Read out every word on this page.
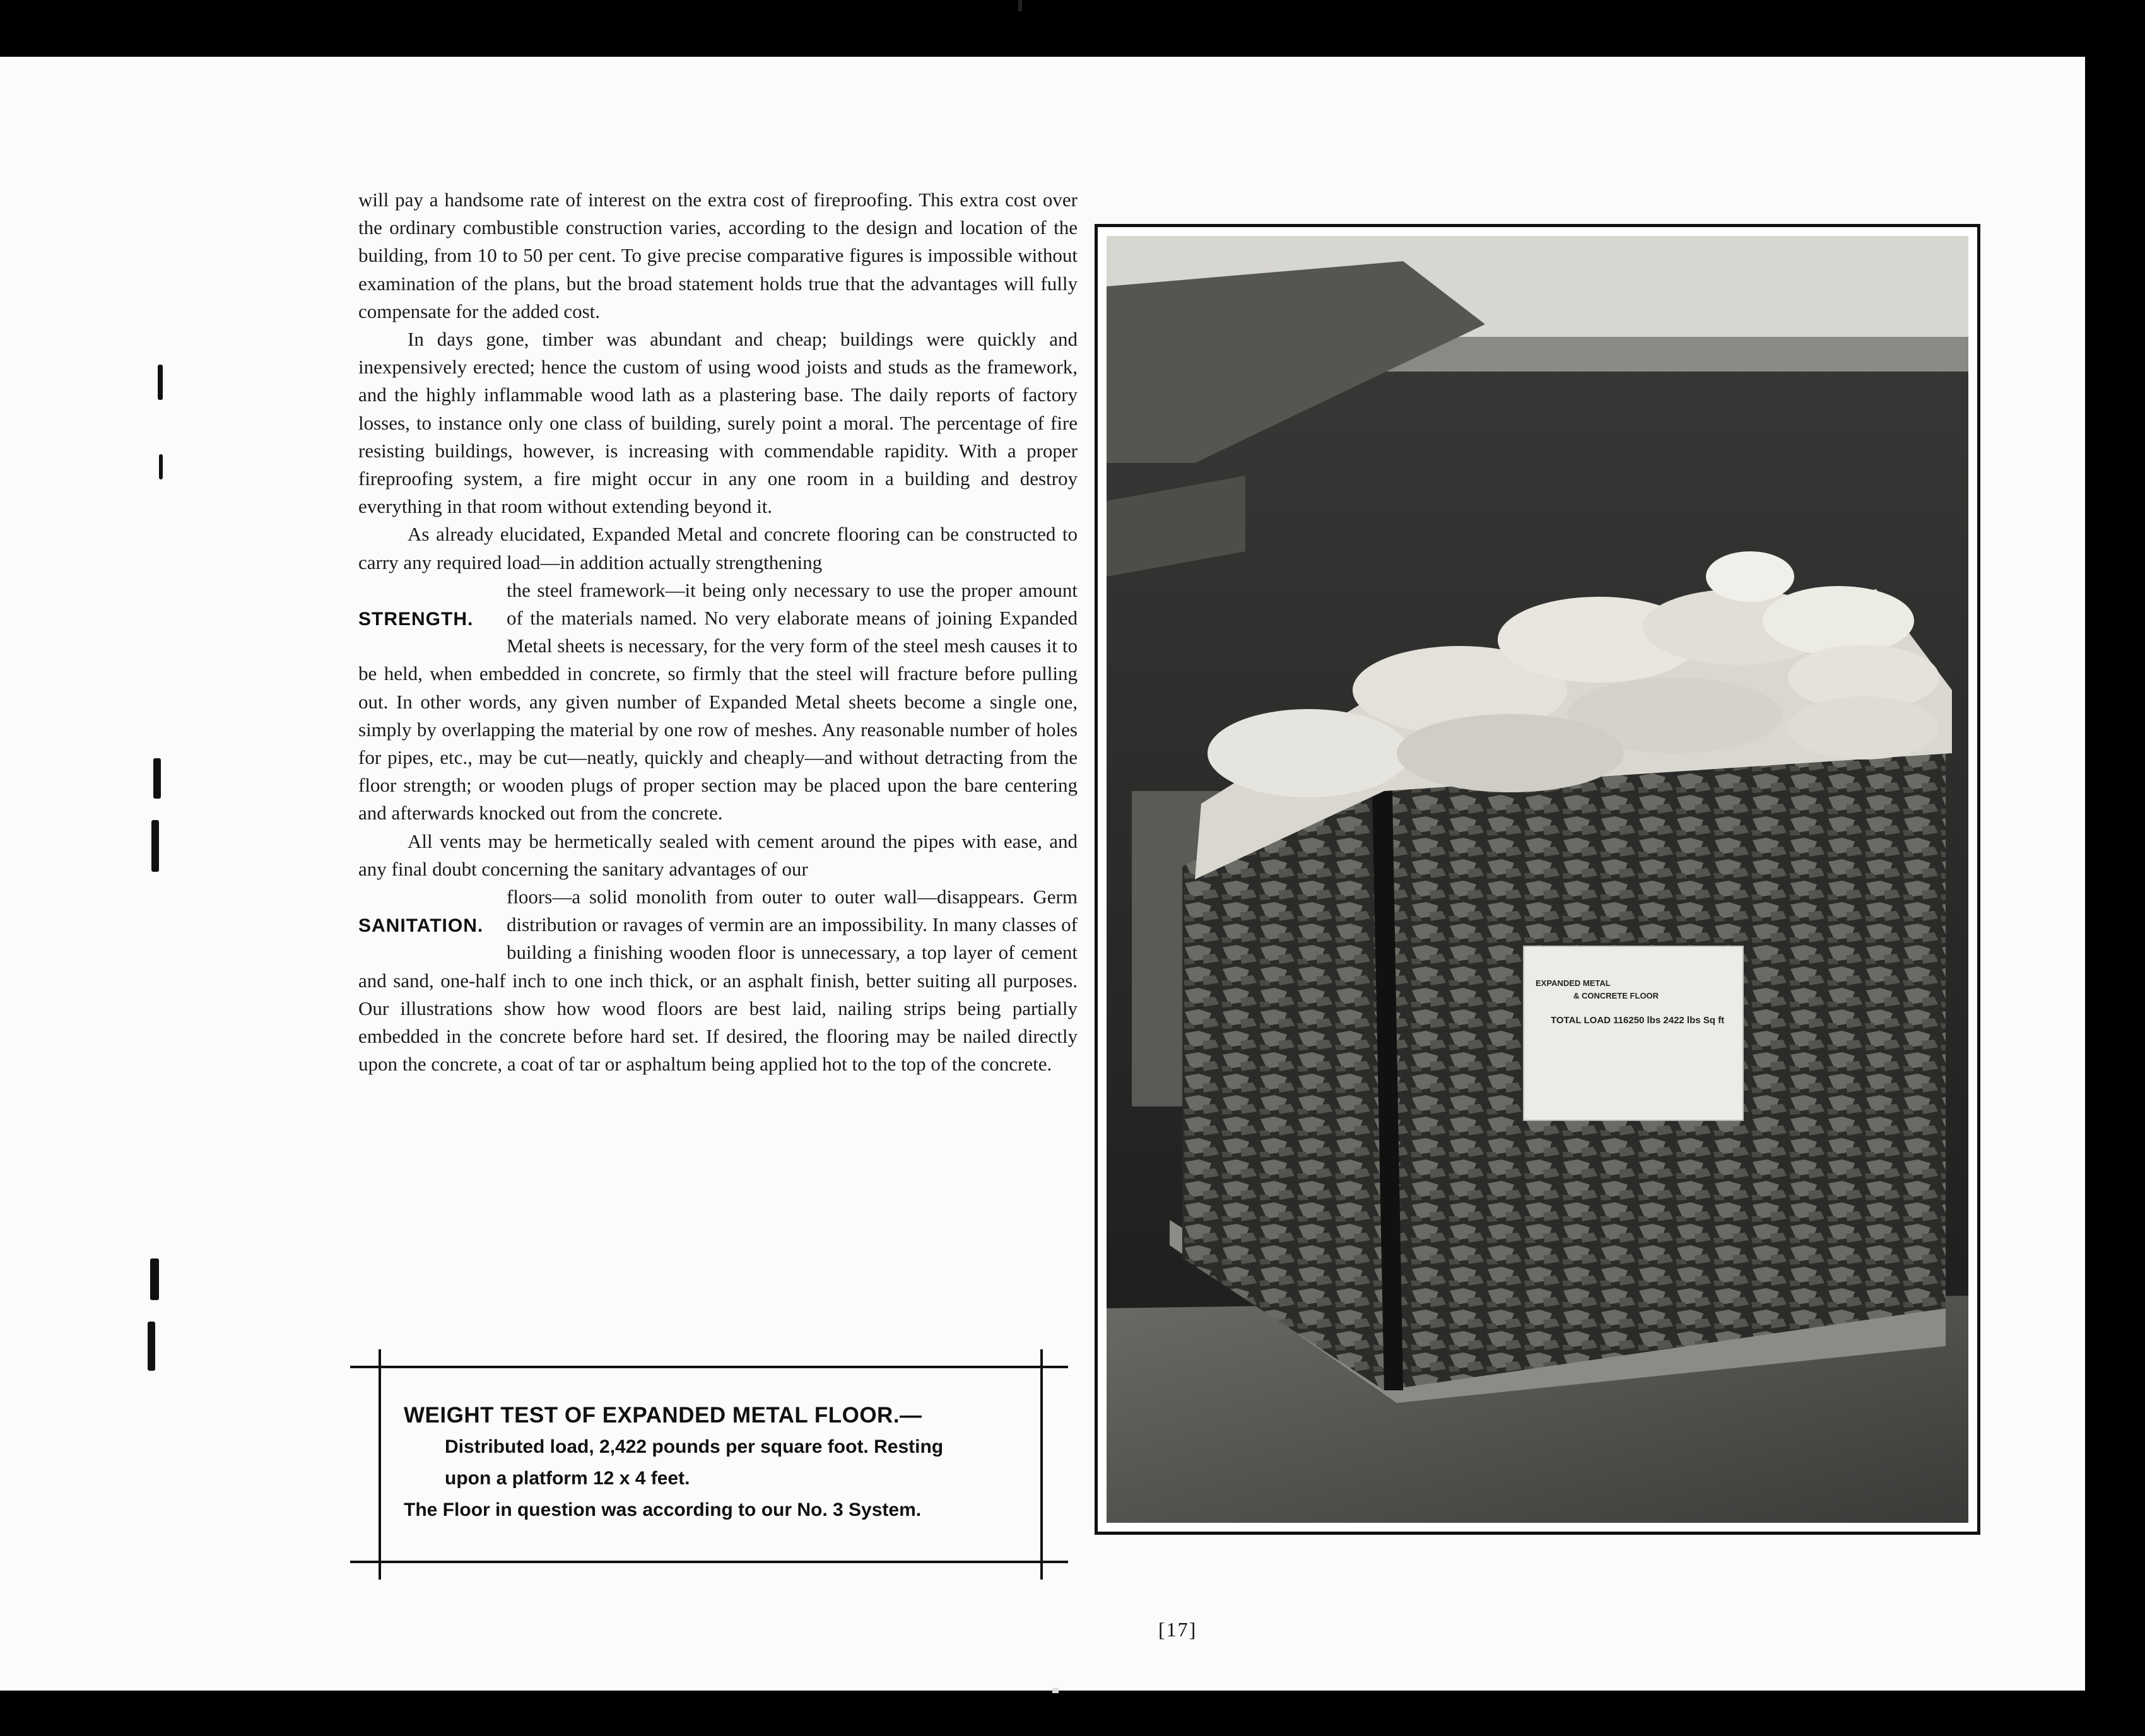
will pay a handsome rate of interest on the extra cost of fireproofing. This extra cost over the ordinary combustible construction varies, according to the design and location of the building, from 10 to 50 per cent. To give precise comparative figures is impossible without examination of the plans, but the broad statement holds true that the advantages will fully compensate for the added cost.

In days gone, timber was abundant and cheap; buildings were quickly and inexpensively erected; hence the custom of using wood joists and studs as the framework, and the highly inflammable wood lath as a plastering base. The daily reports of factory losses, to instance only one class of building, surely point a moral. The percentage of fire resisting buildings, however, is increasing with commendable rapidity. With a proper fireproofing system, a fire might occur in any one room in a building and destroy everything in that room without extending beyond it.

As already elucidated, Expanded Metal and concrete flooring can be constructed to carry any required load—in addition actually strengthening

STRENGTH.

the steel framework—it being only necessary to use the proper amount of the materials named. No very elaborate means of joining Expanded Metal sheets is necessary, for the very form of the steel mesh causes it to be held, when embedded in concrete, so firmly that the steel will fracture before pulling out. In other words, any given number of Expanded Metal sheets become a single one, simply by overlapping the material by one row of meshes. Any reasonable number of holes for pipes, etc., may be cut—neatly, quickly and cheaply—and without detracting from the floor strength; or wooden plugs of proper section may be placed upon the bare centering and afterwards knocked out from the concrete.

All vents may be hermetically sealed with cement around the pipes with ease, and any final doubt concerning the sanitary advantages of our

SANITATION.

floors—a solid monolith from outer to outer wall—disappears. Germ distribution or ravages of vermin are an impossibility. In many classes of building a finishing wooden floor is unnecessary, a top layer of cement and sand, one-half inch to one inch thick, or an asphalt finish, better suiting all purposes. Our illustrations show how wood floors are best laid, nailing strips being partially embedded in the concrete before hard set. If desired, the flooring may be nailed directly upon the concrete, a coat of tar or asphaltum being applied hot to the top of the concrete.

WEIGHT TEST OF EXPANDED METAL FLOOR.—
Distributed load, 2,422 pounds per square foot. Resting
upon a platform 12 x 4 feet.
The Floor in question was according to our No. 3 System.
EXPANDED METAL
& CONCRETE FLOOR
TOTAL LOAD 116250 lbs 2422 lbs Sq ft
[17]
